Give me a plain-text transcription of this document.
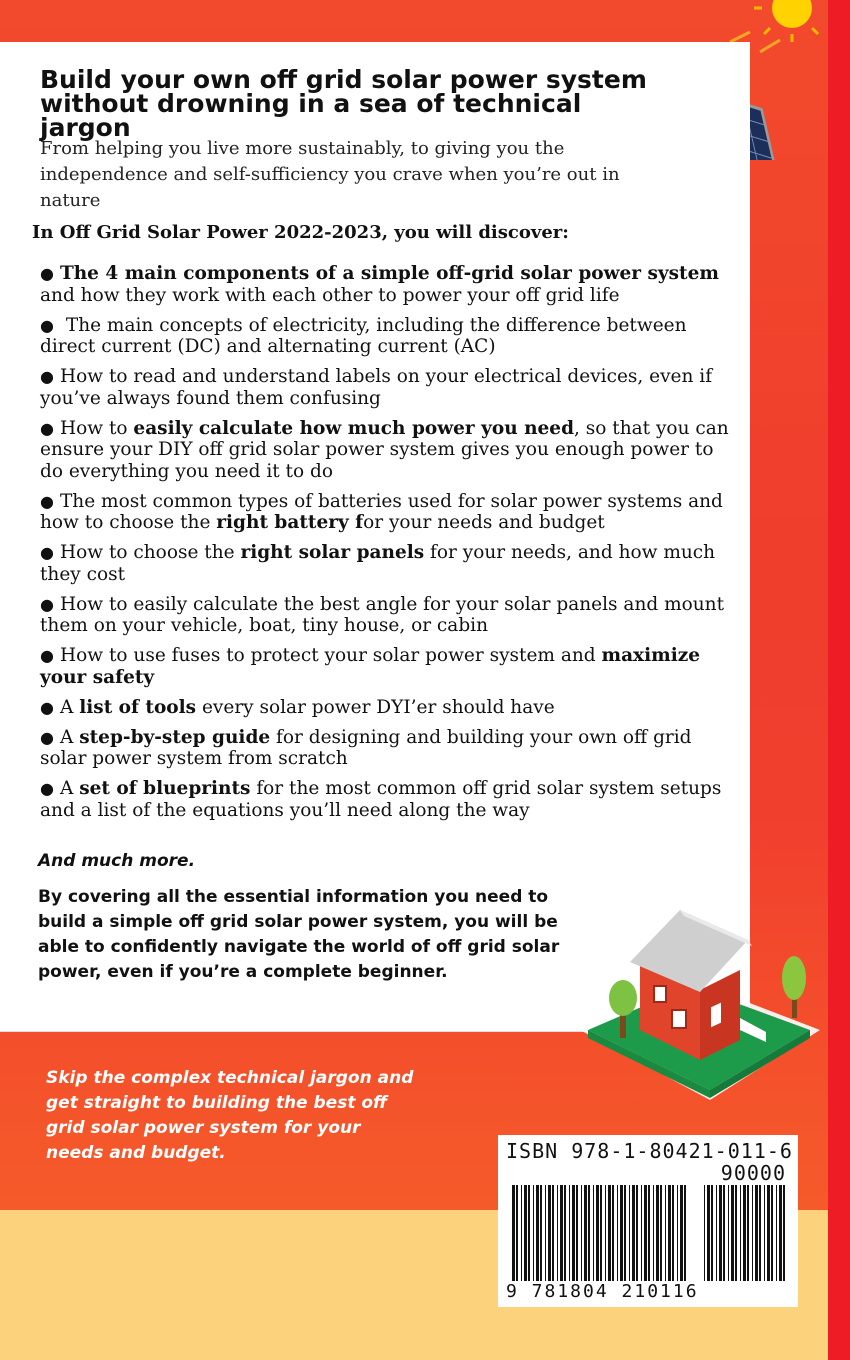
Build your own off grid solar power system without drowning in a sea of technical jargon
From helping you live more sustainably, to giving you the independence and self-sufficiency you crave when you’re out in nature
In Off Grid Solar Power 2022-2023, you will discover:
● The 4 main components of a simple off-grid solar power system and how they work with each other to power your off grid life
● The main concepts of electricity, including the difference between direct current (DC) and alternating current (AC)
● How to read and understand labels on your electrical devices, even if you’ve always found them confusing
● How to easily calculate how much power you need, so that you can ensure your DIY off grid solar power system gives you enough power to do everything you need it to do
● The most common types of batteries used for solar power systems and how to choose the right battery for your needs and budget
● How to choose the right solar panels for your needs, and how much they cost
● How to easily calculate the best angle for your solar panels and mount them on your vehicle, boat, tiny house, or cabin
● How to use fuses to protect your solar power system and maximize your safety
● A list of tools every solar power DYI’er should have
● A step-by-step guide for designing and building your own off grid solar power system from scratch
● A set of blueprints for the most common off grid solar system setups and a list of the equations you’ll need along the way
And much more.
By covering all the essential information you need to build a simple off grid solar power system, you will be able to confidently navigate the world of off grid solar power, even if you’re a complete beginner.
Skip the complex technical jargon and get straight to building the best off grid solar power system for your needs and budget.	ISBN 978-1-80421-011-6
90000
9 781804 210116
